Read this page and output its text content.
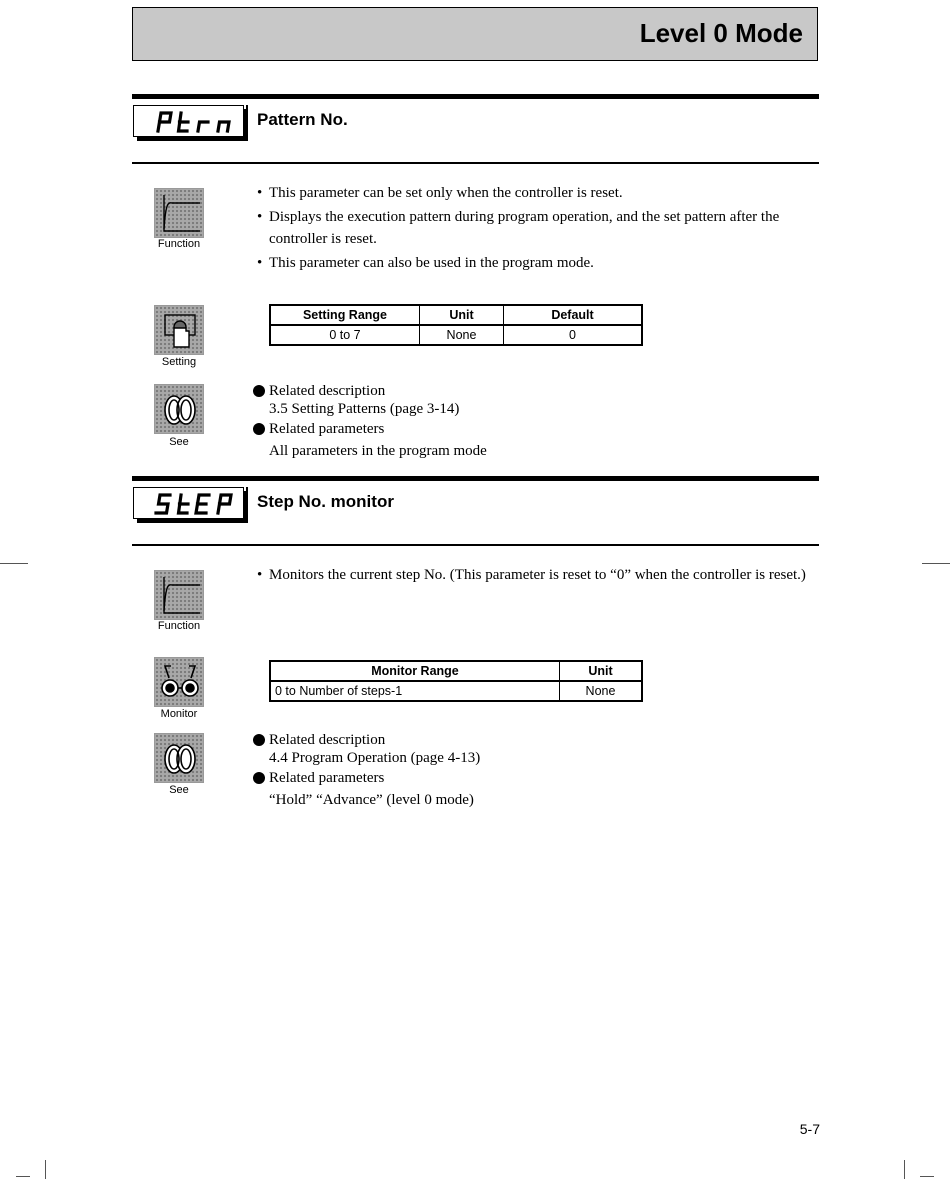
Level 0 Mode
Pattern No.
Function
• This parameter can be set only when the controller is reset.
• Displays the execution pattern during program operation, and the set pattern after the controller is reset.
• This parameter can also be used in the program mode.
Setting
Setting Range	Unit	Default
0 to 7	None	0
See
Related description
3.5 Setting Patterns (page 3-14)
Related parameters
All parameters in the program mode
Step No. monitor
Function
• Monitors the current step No. (This parameter is reset to “0” when the controller is reset.)
Monitor
Monitor Range	Unit
0 to Number of steps-1	None
See
Related description
4.4 Program Operation (page 4-13)
Related parameters
“Hold” “Advance” (level 0 mode)
5-7
